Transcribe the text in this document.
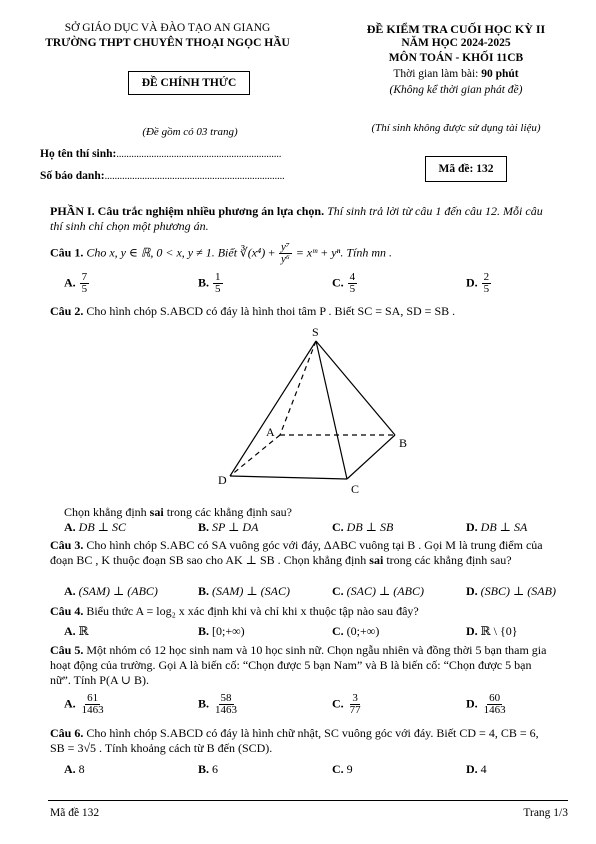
SỞ GIÁO DỤC VÀ ĐÀO TẠO AN GIANG
TRƯỜNG THPT CHUYÊN THOẠI NGỌC HẦU
ĐỀ CHÍNH THỨC
(Đề gồm có 03 trang)
ĐỀ KIỂM TRA CUỐI HỌC KỲ II
NĂM HỌC 2024-2025
MÔN TOÁN - KHỐI 11CB
Thời gian làm bài: 90 phút
(Không kể thời gian phát đề)
(Thí sinh không được sử dụng tài liệu)
Họ tên thí sinh:..................................................................
Số báo danh:........................................................................
Mã đề: 132
PHẦN I. Câu trắc nghiệm nhiều phương án lựa chọn. Thí sinh trả lời từ câu 1 đến câu 12. Mỗi câu thí sinh chỉ chọn một phương án.
Câu 1. Cho x, y ∈ ℝ, 0 < x, y ≠ 1. Biết ∛(x⁴) + $\frac{\text{y⁷}}{\text{y⁶}}$ = xᵐ + yⁿ. Tính mn .
A. $\frac{7}{5}$	B. $\frac{1}{5}$	C. $\frac{4}{5}$	D. $\frac{2}{5}$
Câu 2. Cho hình chóp S.ABCD có đáy là hình thoi tâm P . Biết SC = SA, SD = SB .
S
A
B
C
D
Chọn khẳng định sai trong các khẳng định sau?
A. DB ⊥ SC	B. SP ⊥ DA	C. DB ⊥ SB	D. DB ⊥ SA
Câu 3. Cho hình chóp S.ABC có SA vuông góc với đáy, ΔABC vuông tại B . Gọi M là trung điểm của đoạn BC , K thuộc đoạn SB sao cho AK ⊥ SB . Chọn khẳng định sai trong các khẳng định sau?
A. (SAM) ⊥ (ABC)	B. (SAM) ⊥ (SAC)	C. (SAC) ⊥ (ABC)	D. (SBC) ⊥ (SAB)
Câu 4. Biểu thức A = log₂ x xác định khi và chỉ khi x thuộc tập nào sau đây?
A. ℝ	B. [0;+∞)	C. (0;+∞)	D. ℝ \ {0}
Câu 5. Một nhóm có 12 học sinh nam và 10 học sinh nữ. Chọn ngẫu nhiên và đồng thời 5 bạn tham gia hoạt động của trường. Gọi A là biến cố: “Chọn được 5 bạn Nam” và B là biến cố: “Chọn được 5 bạn nữ”. Tính P(A ∪ B).
A. $\frac{61}{1463}$	B. $\frac{58}{1463}$	C. $\frac{3}{77}$	D. $\frac{60}{1463}$
Câu 6. Cho hình chóp S.ABCD có đáy là hình chữ nhật, SC vuông góc với đáy. Biết CD = 4, CB = 6, SB = 3√5 . Tính khoảng cách từ B đến (SCD).
A. 8	B. 6	C. 9	D. 4
Mã đề 132	Trang 1/3
